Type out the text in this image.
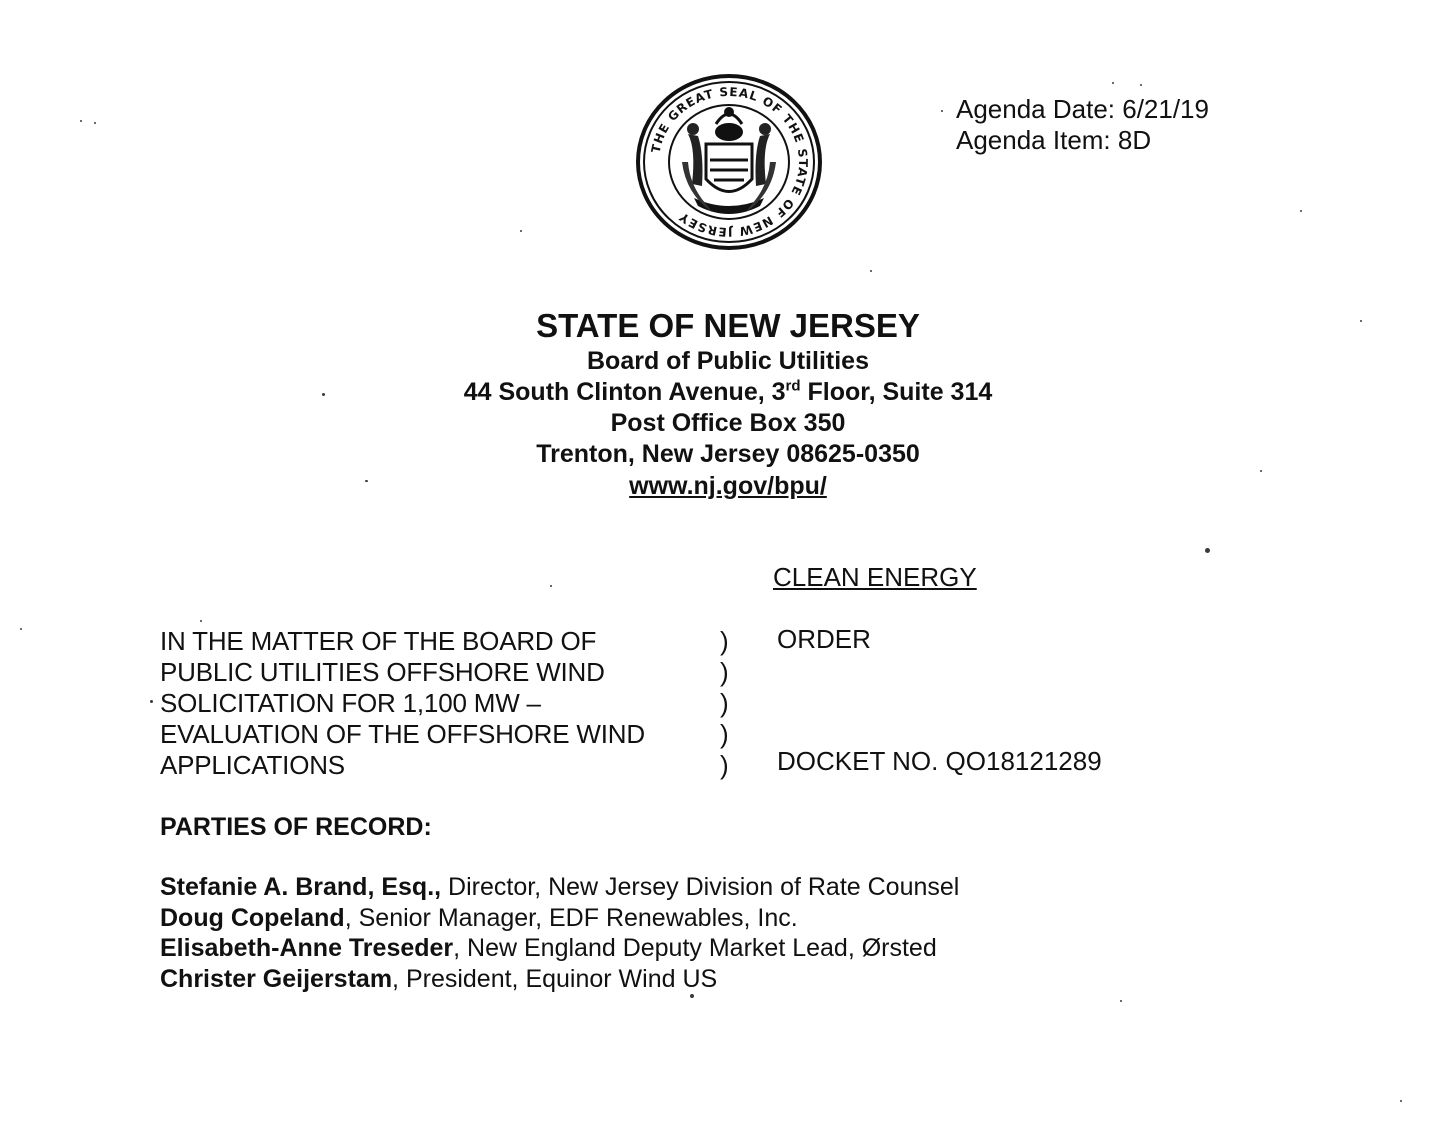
THE GREAT SEAL OF THE STATE OF NEW JERSEY
Agenda Date: 6/21/19
Agenda Item: 8D
STATE OF NEW JERSEY
Board of Public Utilities
44 South Clinton Avenue, 3rd Floor, Suite 314
Post Office Box 350
Trenton, New Jersey 08625-0350
www.nj.gov/bpu/
CLEAN ENERGY
IN THE MATTER OF THE BOARD OF
PUBLIC UTILITIES OFFSHORE WIND
SOLICITATION FOR 1,100 MW –
EVALUATION OF THE OFFSHORE WIND
APPLICATIONS
)
)
)
)
)
ORDER
DOCKET NO. QO18121289
PARTIES OF RECORD:
Stefanie A. Brand, Esq., Director, New Jersey Division of Rate Counsel
Doug Copeland, Senior Manager, EDF Renewables, Inc.
Elisabeth-Anne Treseder, New England Deputy Market Lead, Ørsted
Christer Geijerstam, President, Equinor Wind US
